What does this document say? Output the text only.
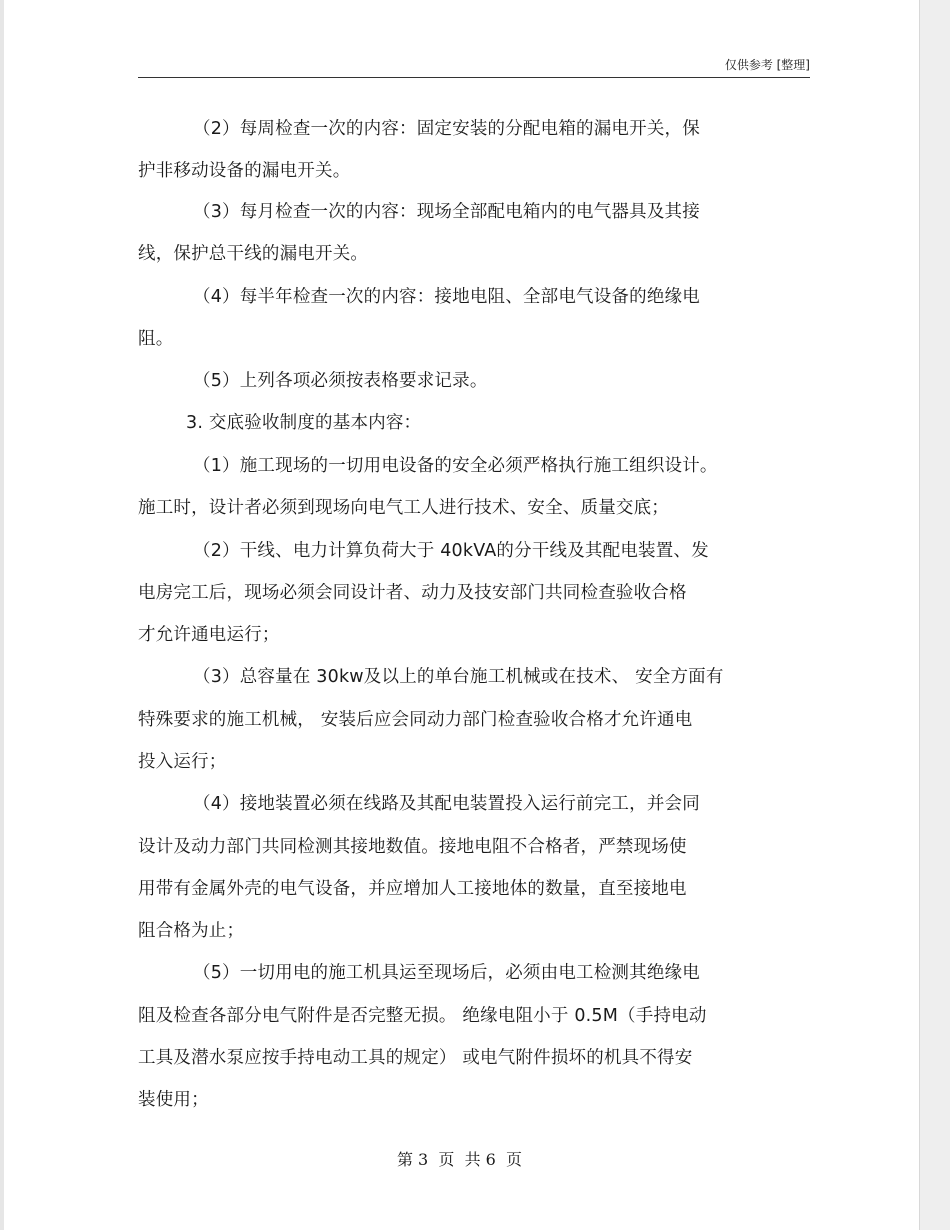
仅供参考 [整理]
（2）每周检查一次的内容：固定安装的分配电箱的漏电开关，保
护非移动设备的漏电开关。
（3）每月检查一次的内容：现场全部配电箱内的电气器具及其接
线，保护总干线的漏电开关。
（4）每半年检查一次的内容：接地电阻、全部电气设备的绝缘电
阻。
（5）上列各项必须按表格要求记录。
3. 交底验收制度的基本内容：
（1）施工现场的一切用电设备的安全必须严格执行施工组织设计。
施工时，设计者必须到现场向电气工人进行技术、安全、质量交底；
（2）干线、电力计算负荷大于 40kVA的分干线及其配电装置、发
电房完工后，现场必须会同设计者、动力及技安部门共同检查验收合格
才允许通电运行；
（3）总容量在 30kw及以上的单台施工机械或在技术、 安全方面有
特殊要求的施工机械， 安装后应会同动力部门检查验收合格才允许通电
投入运行；
（4）接地装置必须在线路及其配电装置投入运行前完工，并会同
设计及动力部门共同检测其接地数值。接地电阻不合格者，严禁现场使
用带有金属外壳的电气设备，并应增加人工接地体的数量，直至接地电
阻合格为止；
（5）一切用电的施工机具运至现场后，必须由电工检测其绝缘电
阻及检查各部分电气附件是否完整无损。 绝缘电阻小于 0.5M（手持电动
工具及潜水泵应按手持电动工具的规定） 或电气附件损坏的机具不得安
装使用；
第 3  页  共 6  页
